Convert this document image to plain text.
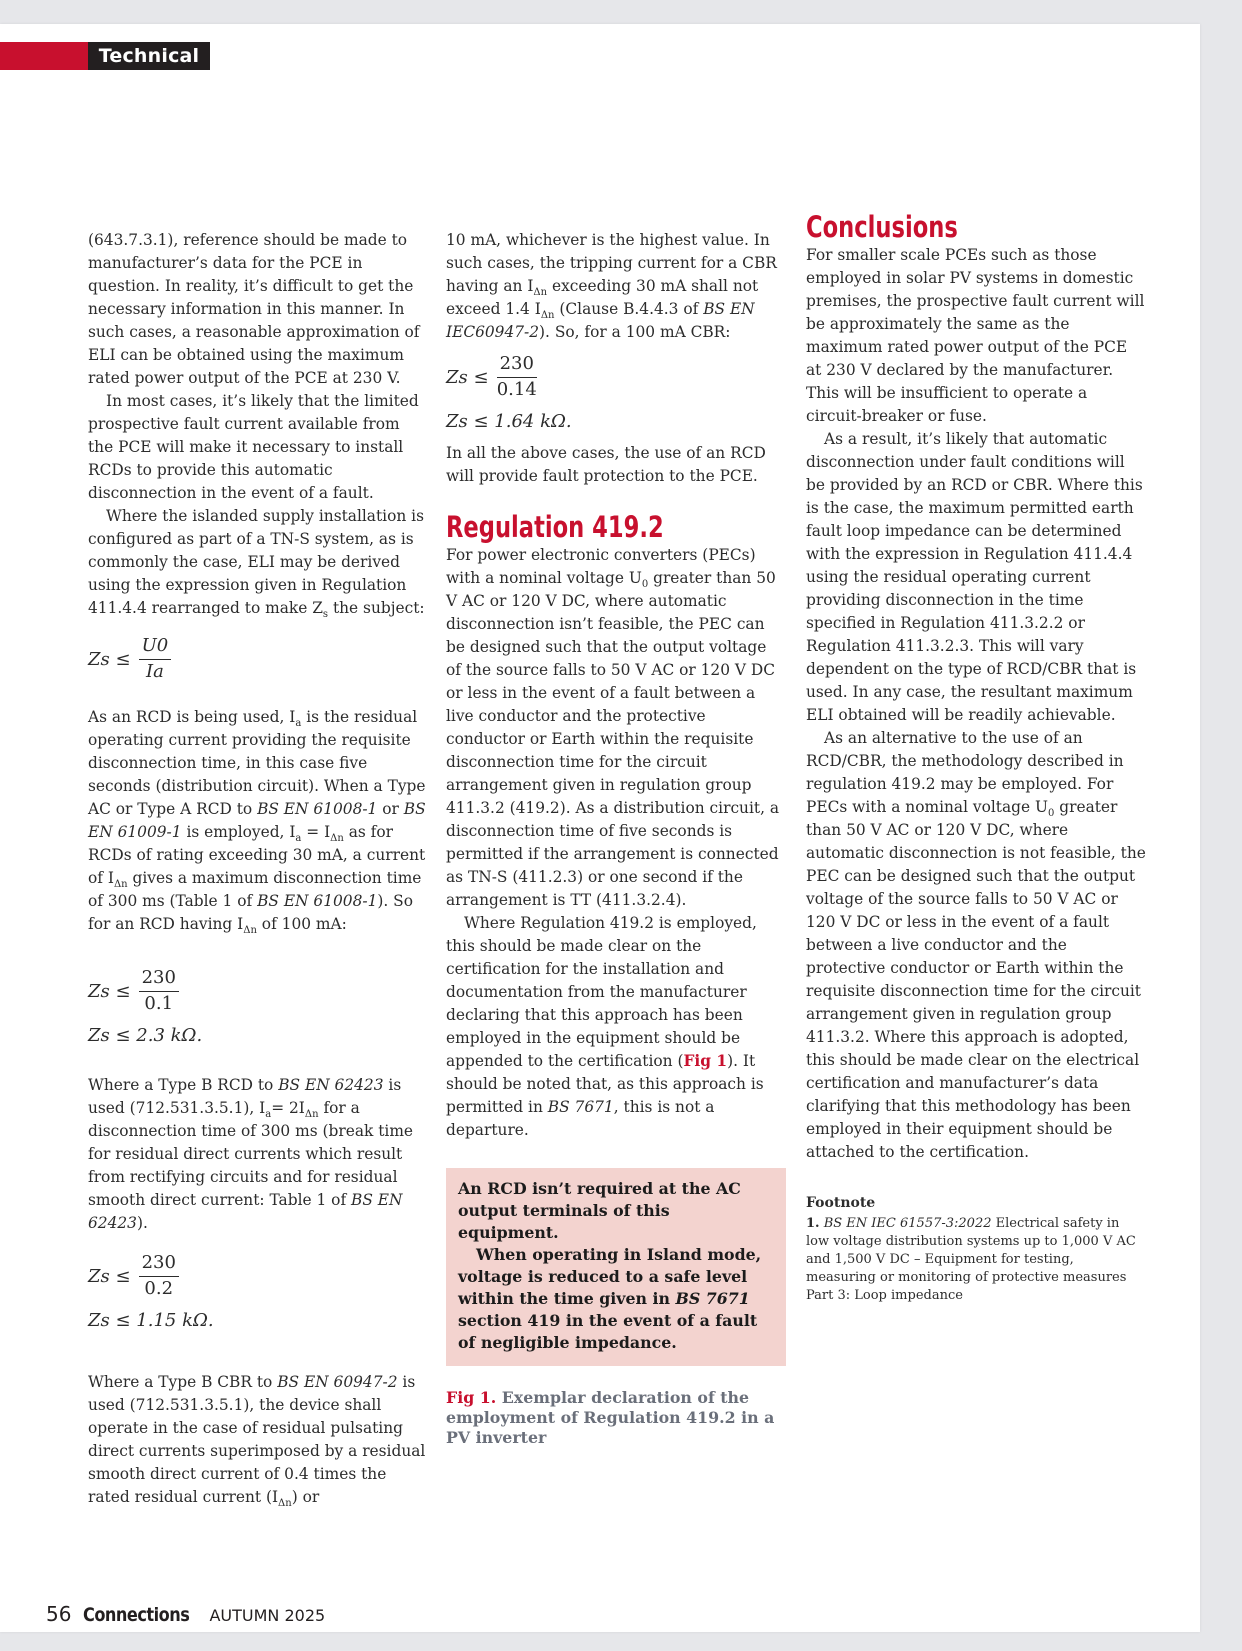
Technical

(643.7.3.1), reference should be made to manufacturer’s data for the PCE in question. In reality, it’s difficult to get the necessary information in this manner. In such cases, a reasonable approximation of ELI can be obtained using the maximum rated power output of the PCE at 230 V.

In most cases, it’s likely that the limited prospective fault current available from the PCE will make it necessary to install RCDs to provide this automatic disconnection in the event of a fault.

Where the islanded supply installation is configured as part of a TN-S system, as is commonly the case, ELI may be derived using the expression given in Regulation 411.4.4 rearranged to make $Z_s$ the subject:

$Zs \le \frac{U0}{Ia}$

As an RCD is being used, $I_a$ is the residual operating current providing the requisite disconnection time, in this case five seconds (distribution circuit). When a Type AC or Type A RCD to BS EN 61008-1 or BS EN 61009-1 is employed, $I_a = I_{\Delta n}$ as for RCDs of rating exceeding 30 mA, a current of $I_{\Delta n}$ gives a maximum disconnection time of 300 ms (Table 1 of BS EN 61008-1). So for an RCD having $I_{\Delta n}$ of 100 mA:

$Zs \le \frac{230}{0.1}$
Zs ≤ 2.3 kΩ.

Where a Type B RCD to BS EN 62423 is used (712.531.3.5.1), $I_a= 2I_{\Delta n}$ for a disconnection time of 300 ms (break time for residual direct currents which result from rectifying circuits and for residual smooth direct current: Table 1 of BS EN 62423).

$Zs \le \frac{230}{0.2}$
Zs ≤ 1.15 kΩ.

Where a Type B CBR to BS EN 60947-2 is used (712.531.3.5.1), the device shall operate in the case of residual pulsating direct currents superimposed by a residual smooth direct current of 0.4 times the rated residual current $(I_{\Delta n})$ or

10 mA, whichever is the highest value. In such cases, the tripping current for a CBR having an $I_{\Delta n}$ exceeding 30 mA shall not exceed 1.4 $I_{\Delta n}$ (Clause B.4.4.3 of BS EN IEC60947-2). So, for a 100 mA CBR:

$Zs \le \frac{230}{0.14}$
Zs ≤ 1.64 kΩ.

In all the above cases, the use of an RCD will provide fault protection to the PCE.

Regulation 419.2

For power electronic converters (PECs) with a nominal voltage $U_0$ greater than 50 V AC or 120 V DC, where automatic disconnection isn’t feasible, the PEC can be designed such that the output voltage of the source falls to 50 V AC or 120 V DC or less in the event of a fault between a live conductor and the protective conductor or Earth within the requisite disconnection time for the circuit arrangement given in regulation group 411.3.2 (419.2). As a distribution circuit, a disconnection time of five seconds is permitted if the arrangement is connected as TN-S (411.2.3) or one second if the arrangement is TT (411.3.2.4).

Where Regulation 419.2 is employed, this should be made clear on the certification for the installation and documentation from the manufacturer declaring that this approach has been employed in the equipment should be appended to the certification (Fig 1). It should be noted that, as this approach is permitted in BS 7671, this is not a departure.

An RCD isn’t required at the AC output terminals of this equipment.
When operating in Island mode, voltage is reduced to a safe level within the time given in BS 7671 section 419 in the event of a fault of negligible impedance.
Fig 1. Exemplar declaration of the employment of Regulation 419.2 in a PV inverter
Conclusions

For smaller scale PCEs such as those employed in solar PV systems in domestic premises, the prospective fault current will be approximately the same as the maximum rated power output of the PCE at 230 V declared by the manufacturer. This will be insufficient to operate a circuit-breaker or fuse.

As a result, it’s likely that automatic disconnection under fault conditions will be provided by an RCD or CBR. Where this is the case, the maximum permitted earth fault loop impedance can be determined with the expression in Regulation 411.4.4 using the residual operating current providing disconnection in the time specified in Regulation 411.3.2.2 or Regulation 411.3.2.3. This will vary dependent on the type of RCD/CBR that is used. In any case, the resultant maximum ELI obtained will be readily achievable.

As an alternative to the use of an RCD/CBR, the methodology described in regulation 419.2 may be employed. For PECs with a nominal voltage $U_0$ greater than 50 V AC or 120 V DC, where automatic disconnection is not feasible, the PEC can be designed such that the output voltage of the source falls to 50 V AC or 120 V DC or less in the event of a fault between a live conductor and the protective conductor or Earth within the requisite disconnection time for the circuit arrangement given in regulation group 411.3.2. Where this approach is adopted, this should be made clear on the electrical certification and manufacturer’s data clarifying that this methodology has been employed in their equipment should be attached to the certification.

Footnote
1. BS EN IEC 61557-3:2022 Electrical safety in low voltage distribution systems up to 1,000 V AC and 1,500 V DC – Equipment for testing, measuring or monitoring of protective measures Part 3: Loop impedance
56 Connections AUTUMN 2025
